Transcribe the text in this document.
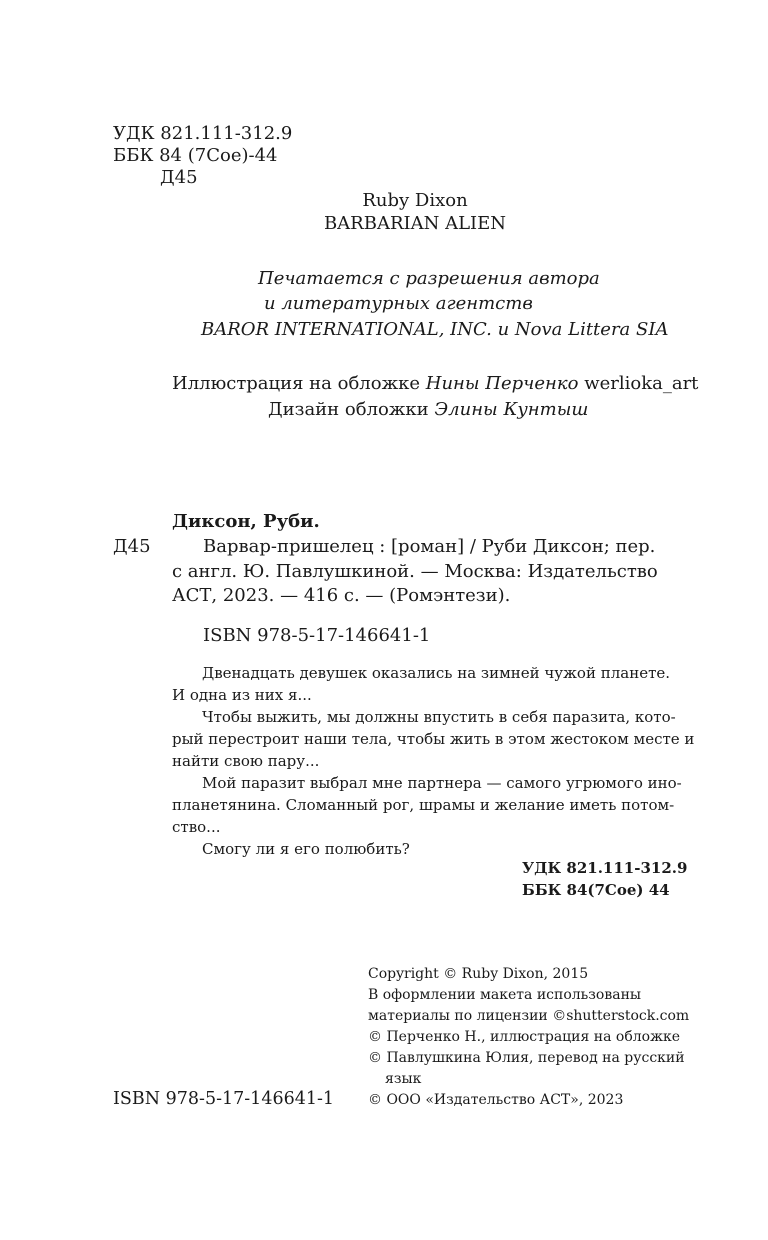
УДК 821.111-312.9
ББК 84 (7Сое)-44
Д45
Ruby Dixon
BARBARIAN ALIEN
Печатается с разрешения автора
и литературных агентств
BAROR INTERNATIONAL, INC. и Nova Littera SIA
Иллюстрация на обложке Нины Перченко werlioka_art
Дизайн обложки Элины Кунтыш
Диксон, Руби.
Д45	Варвар-пришелец : [роман] / Руби Диксон; пер.
с англ. Ю. Павлушкиной. — Москва: Издательство
АСТ, 2023. — 416 с. — (Ромэнтези).
ISBN 978-5-17-146641-1
Двенадцать девушек оказались на зимней чужой планете.
И одна из них я...
Чтобы выжить, мы должны впустить в себя паразита, кото-
рый перестроит наши тела, чтобы жить в этом жестоком месте и
найти свою пару...
Мой паразит выбрал мне партнера — самого угрюмого ино-
планетянина. Сломанный рог, шрамы и желание иметь потом-
ство...
Смогу ли я его полюбить?
УДК 821.111-312.9
ББК 84(7Сое) 44
Copyright © Ruby Dixon, 2015
В оформлении макета использованы
материалы по лицензии ©shutterstock.com
© Перченко Н., иллюстрация на обложке
© Павлушкина Юлия, перевод на русский
язык
© ООО «Издательство АСТ», 2023
ISBN 978-5-17-146641-1
